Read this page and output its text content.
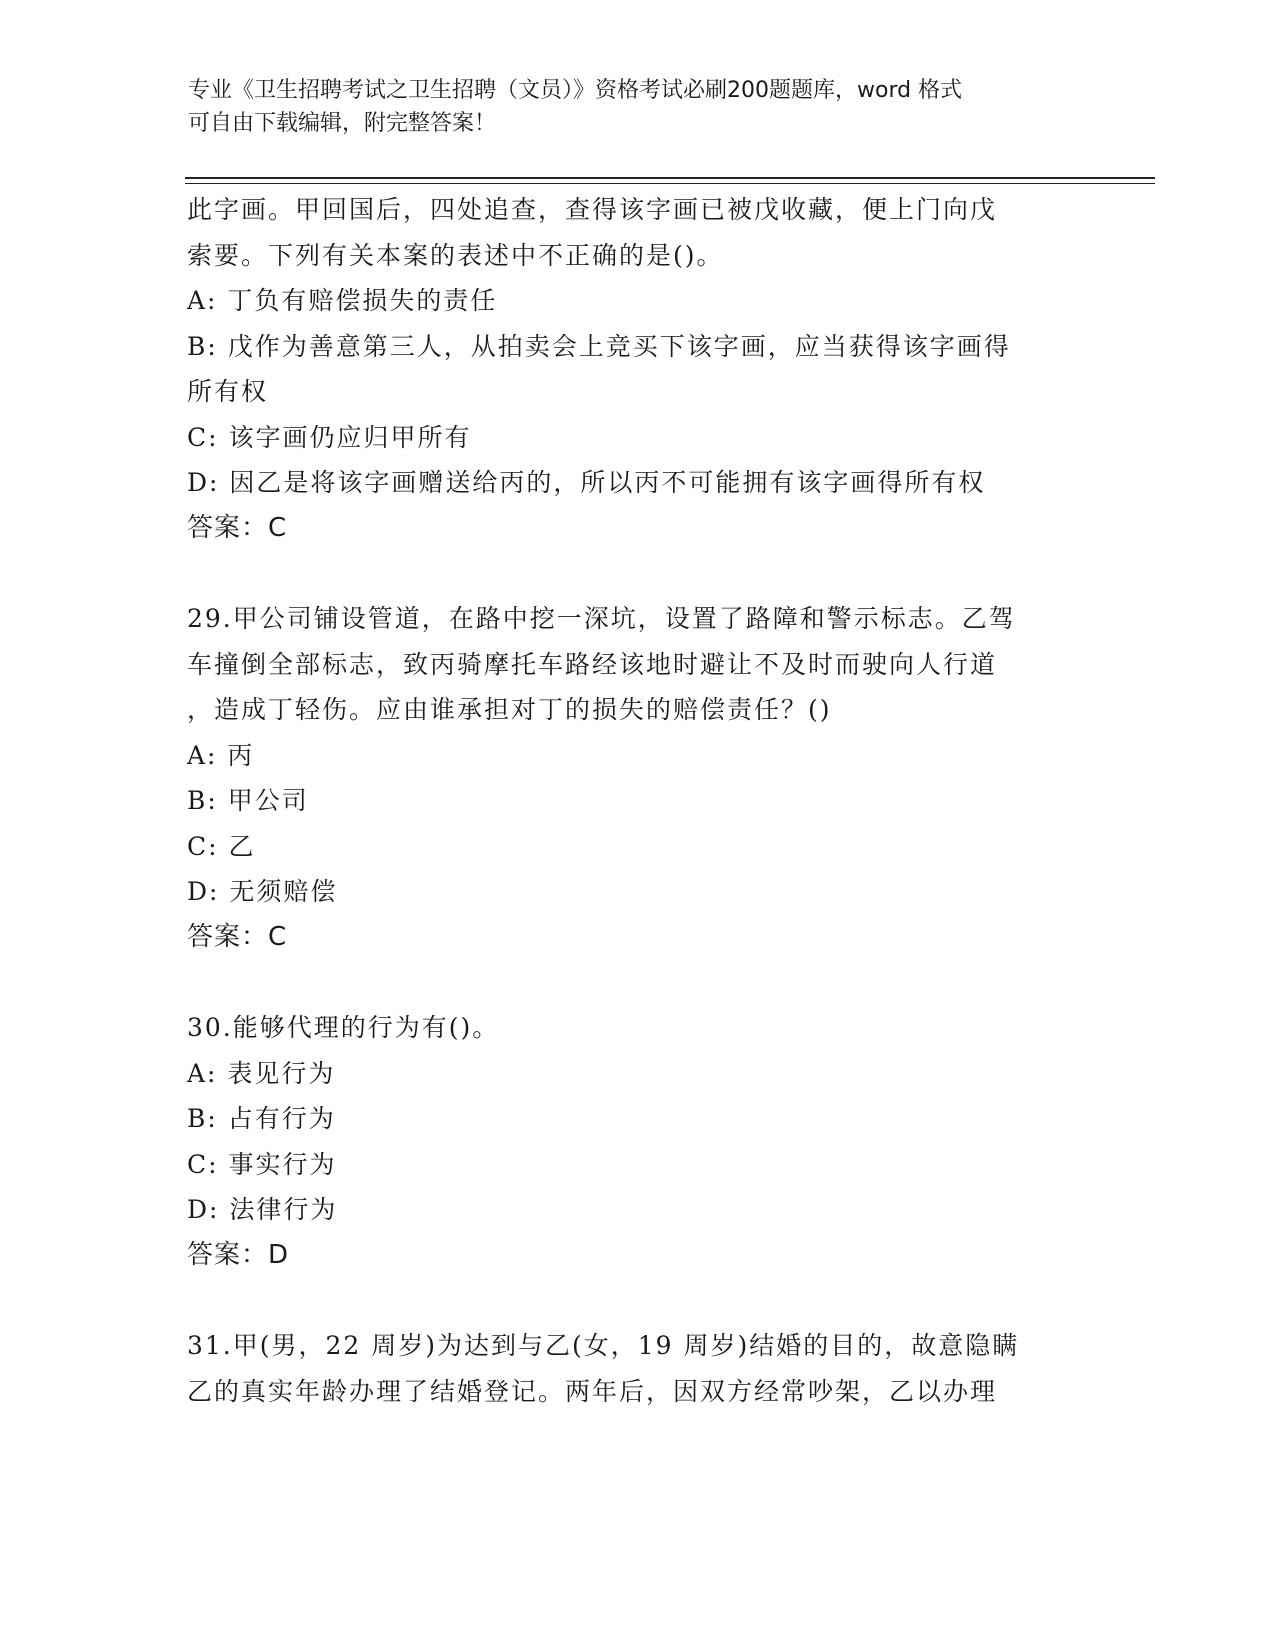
专业《卫生招聘考试之卫生招聘（文员）》资格考试必刷200题题库，word 格式
可自由下载编辑，附完整答案！
此字画。甲回国后，四处追查，查得该字画已被戊收藏，便上门向戊
索要。下列有关本案的表述中不正确的是()。
A: 丁负有赔偿损失的责任
B: 戊作为善意第三人，从拍卖会上竞买下该字画，应当获得该字画得
所有权
C: 该字画仍应归甲所有
D: 因乙是将该字画赠送给丙的，所以丙不可能拥有该字画得所有权
答案：C
29.甲公司铺设管道，在路中挖一深坑，设置了路障和警示标志。乙驾
车撞倒全部标志，致丙骑摩托车路经该地时避让不及时而驶向人行道
，造成丁轻伤。应由谁承担对丁的损失的赔偿责任？()
A: 丙
B: 甲公司
C: 乙
D: 无须赔偿
答案：C
30.能够代理的行为有()。
A: 表见行为
B: 占有行为
C: 事实行为
D: 法律行为
答案：D
31.甲(男，22 周岁)为达到与乙(女，19 周岁)结婚的目的，故意隐瞒
乙的真实年龄办理了结婚登记。两年后，因双方经常吵架，乙以办理
